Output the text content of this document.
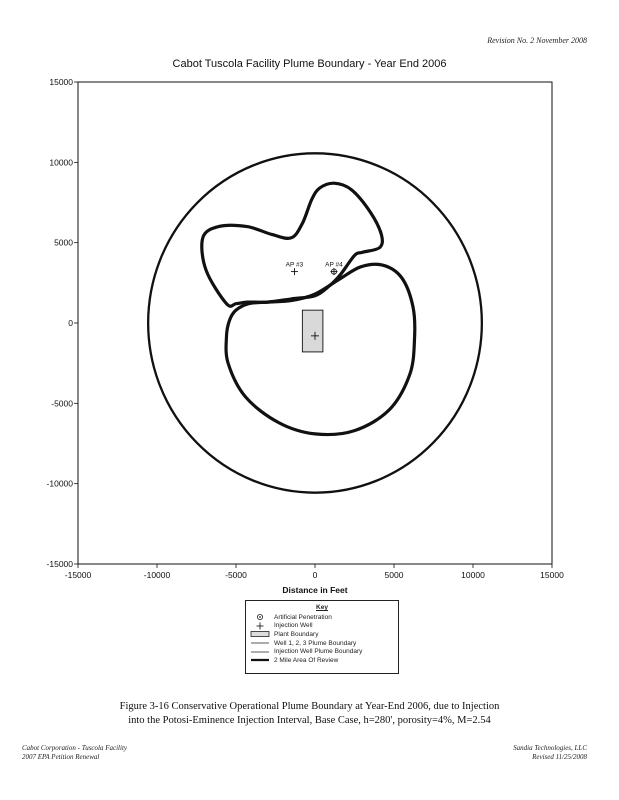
Revision No. 2 November 2008
Cabot Tuscola Facility Plume Boundary - Year End 2006
-15000	-10000	-5000	0	5000	10000	15000
15000
10000
5000
0
-5000
-10000
-15000
AP #3	AP #4
Distance in Feet
Key
Artificial Penetration
Injection Well
Plant Boundary
Well 1, 2, 3 Plume Boundary
Injection Well Plume Boundary
2 Mile Area Of Review
Figure 3-16 Conservative Operational Plume Boundary at Year-End 2006, due to Injection
into the Potosi-Eminence Injection Interval, Base Case, h=280', porosity=4%, M=2.54
Cabot Corporation - Tuscola Facility
2007 EPA Petition Renewal
Sandia Technologies, LLC
Revised 11/25/2008
